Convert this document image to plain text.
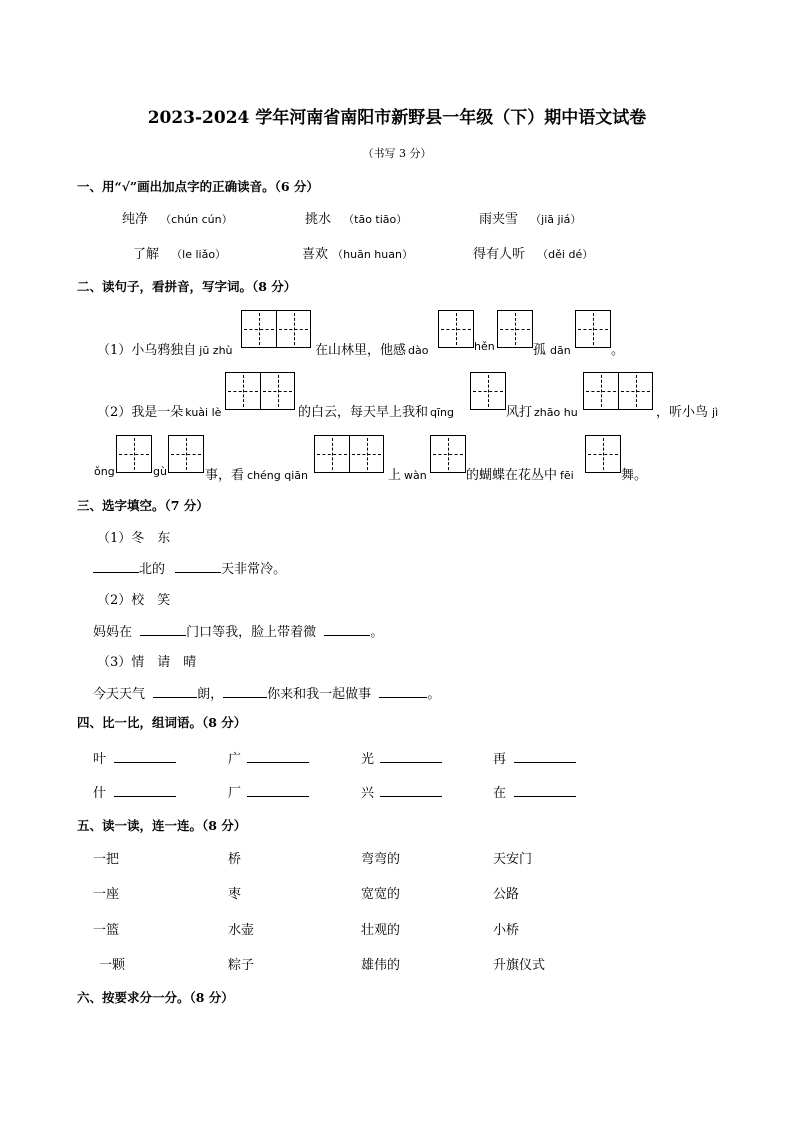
2023-2024 学年河南省南阳市新野县一年级（下）期中语文试卷
（书写 3 分）
一、用“√”画出加点字的正确读音。（6 分）
纯净 （chún cún）	挑水 （tāo tiāo）	雨夹雪 （jiā jiá）
了解 （le liǎo）	喜欢 （huān huan）	得有人听 （děi dé）
二、读句子，看拼音，写字词。（8 分）
（1）小乌鸦独自 jū zhù	在山林里，他感 dào	hěn	孤 dān	。
（2）我是一朵 kuài lè	的白云，每天早上我和 qīng	风打 zhāo hu	，听小鸟 jì
ǒng	gù	事，看 chéng qiān	上 wàn	的蝴蝶在花丛中 fēi	舞。
三、选字填空。（7 分）
（1）冬　东
北的	天非常冷。
（2）校　笑
妈妈在	门口等我，脸上带着微	。
（3）情　请　晴
今天天气	朗，	你来和我一起做事	。
四、比一比，组词语。（8 分）
叶	广	光	再
什	厂	兴	在
五、读一读，连一连。（8 分）
一把	桥	弯弯的	天安门
一座	枣	宽宽的	公路
一篮	水壶	壮观的	小桥
一颗	粽子	雄伟的	升旗仪式
六、按要求分一分。（8 分）
